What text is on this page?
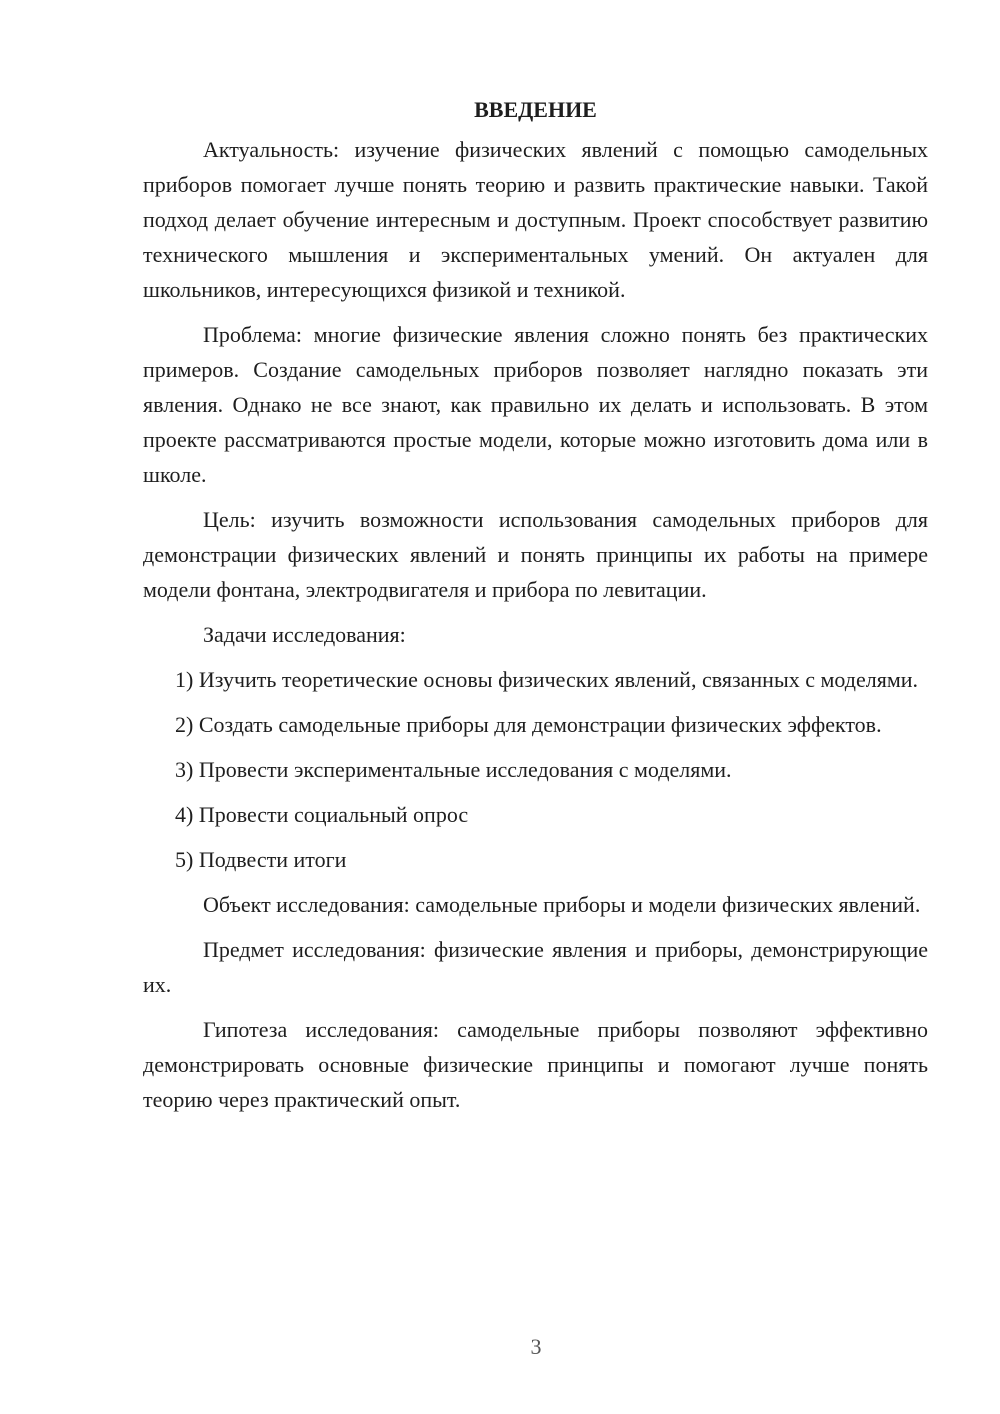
ВВЕДЕНИЕ

Актуальность: изучение физических явлений с помощью самодельных приборов помогает лучше понять теорию и развить практические навыки. Такой подход делает обучение интересным и доступным. Проект способствует развитию технического мышления и экспериментальных умений. Он актуален для школьников, интересующихся физикой и техникой.

Проблема: многие физические явления сложно понять без практических примеров. Создание самодельных приборов позволяет наглядно показать эти явления. Однако не все знают, как правильно их делать и использовать. В этом проекте рассматриваются простые модели, которые можно изготовить дома или в школе.

Цель: изучить возможности использования самодельных приборов для демонстрации физических явлений и понять принципы их работы на примере модели фонтана, электродвигателя и прибора по левитации.

Задачи исследования:

1) Изучить теоретические основы физических явлений, связанных с моделями.

2) Создать самодельные приборы для демонстрации физических эффектов.

3) Провести экспериментальные исследования с моделями.

4) Провести социальный опрос

5) Подвести итоги

Объект исследования: самодельные приборы и модели физических явлений.

Предмет исследования: физические явления и приборы, демонстрирующие их.

Гипотеза исследования: самодельные приборы позволяют эффективно демонстрировать основные физические принципы и помогают лучше понять теорию через практический опыт.

3
